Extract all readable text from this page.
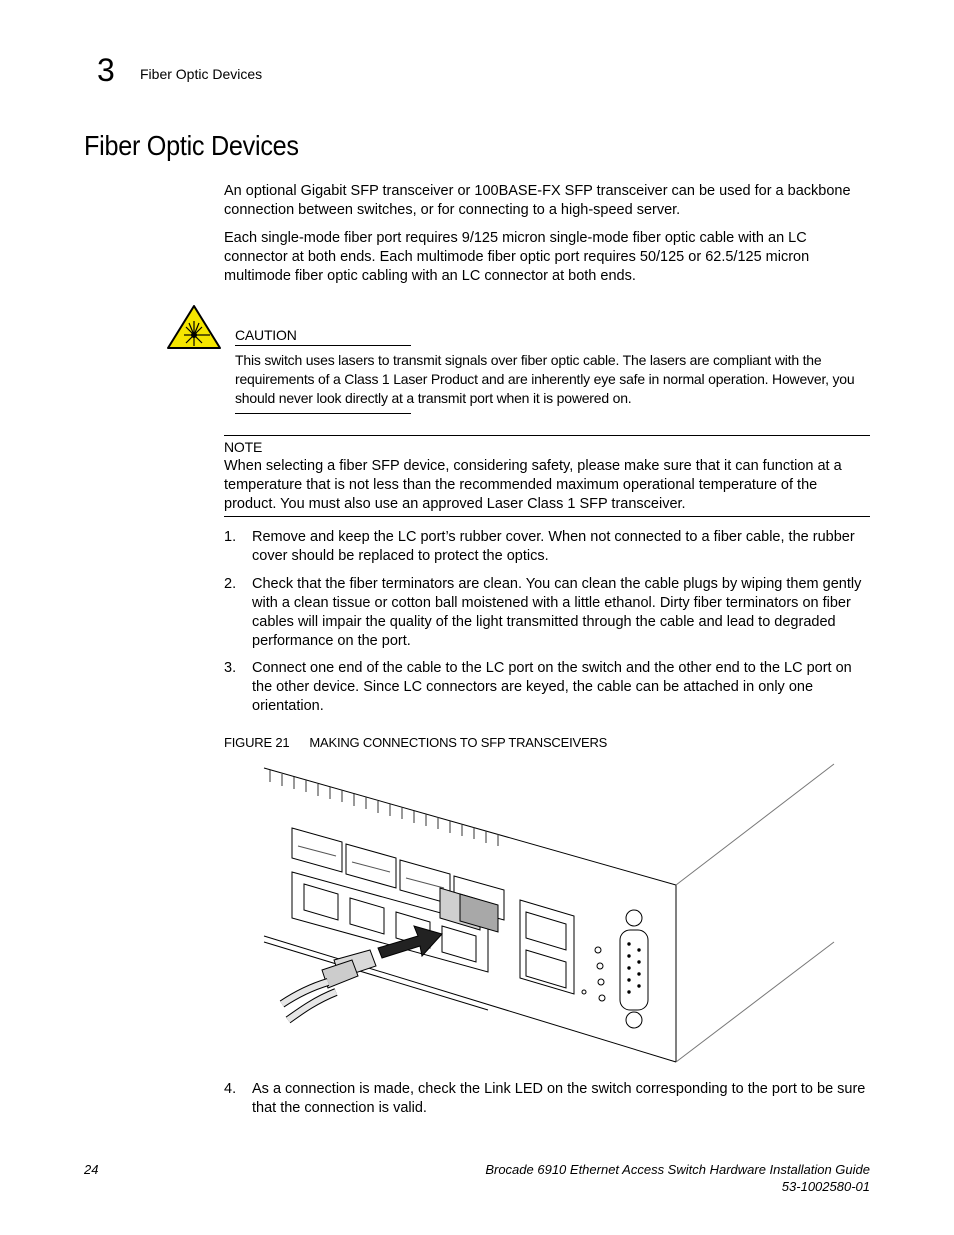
3 Fiber Optic Devices
Fiber Optic Devices
An optional Gigabit SFP transceiver or 100BASE-FX SFP transceiver can be used for a backbone connection between switches, or for connecting to a high-speed server.
Each single-mode fiber port requires 9/125 micron single-mode fiber optic cable with an LC connector at both ends. Each multimode fiber optic port requires 50/125 or 62.5/125 micron multimode fiber optic cabling with an LC connector at both ends.
CAUTION
This switch uses lasers to transmit signals over fiber optic cable. The lasers are compliant with the requirements of a Class 1 Laser Product and are inherently eye safe in normal operation. However, you should never look directly at a transmit port when it is powered on.
NOTE
When selecting a fiber SFP device, considering safety, please make sure that it can function at a temperature that is not less than the recommended maximum operational temperature of the product. You must also use an approved Laser Class 1 SFP transceiver.
1. Remove and keep the LC port’s rubber cover. When not connected to a fiber cable, the rubber cover should be replaced to protect the optics.
2. Check that the fiber terminators are clean. You can clean the cable plugs by wiping them gently with a clean tissue or cotton ball moistened with a little ethanol. Dirty fiber terminators on fiber cables will impair the quality of the light transmitted through the cable and lead to degraded performance on the port.
3. Connect one end of the cable to the LC port on the switch and the other end to the LC port on the other device. Since LC connectors are keyed, the cable can be attached in only one orientation.
FIGURE 21 MAKING CONNECTIONS TO SFP TRANSCEIVERS
4. As a connection is made, check the Link LED on the switch corresponding to the port to be sure that the connection is valid.
24	Brocade 6910 Ethernet Access Switch Hardware Installation Guide
53-1002580-01
